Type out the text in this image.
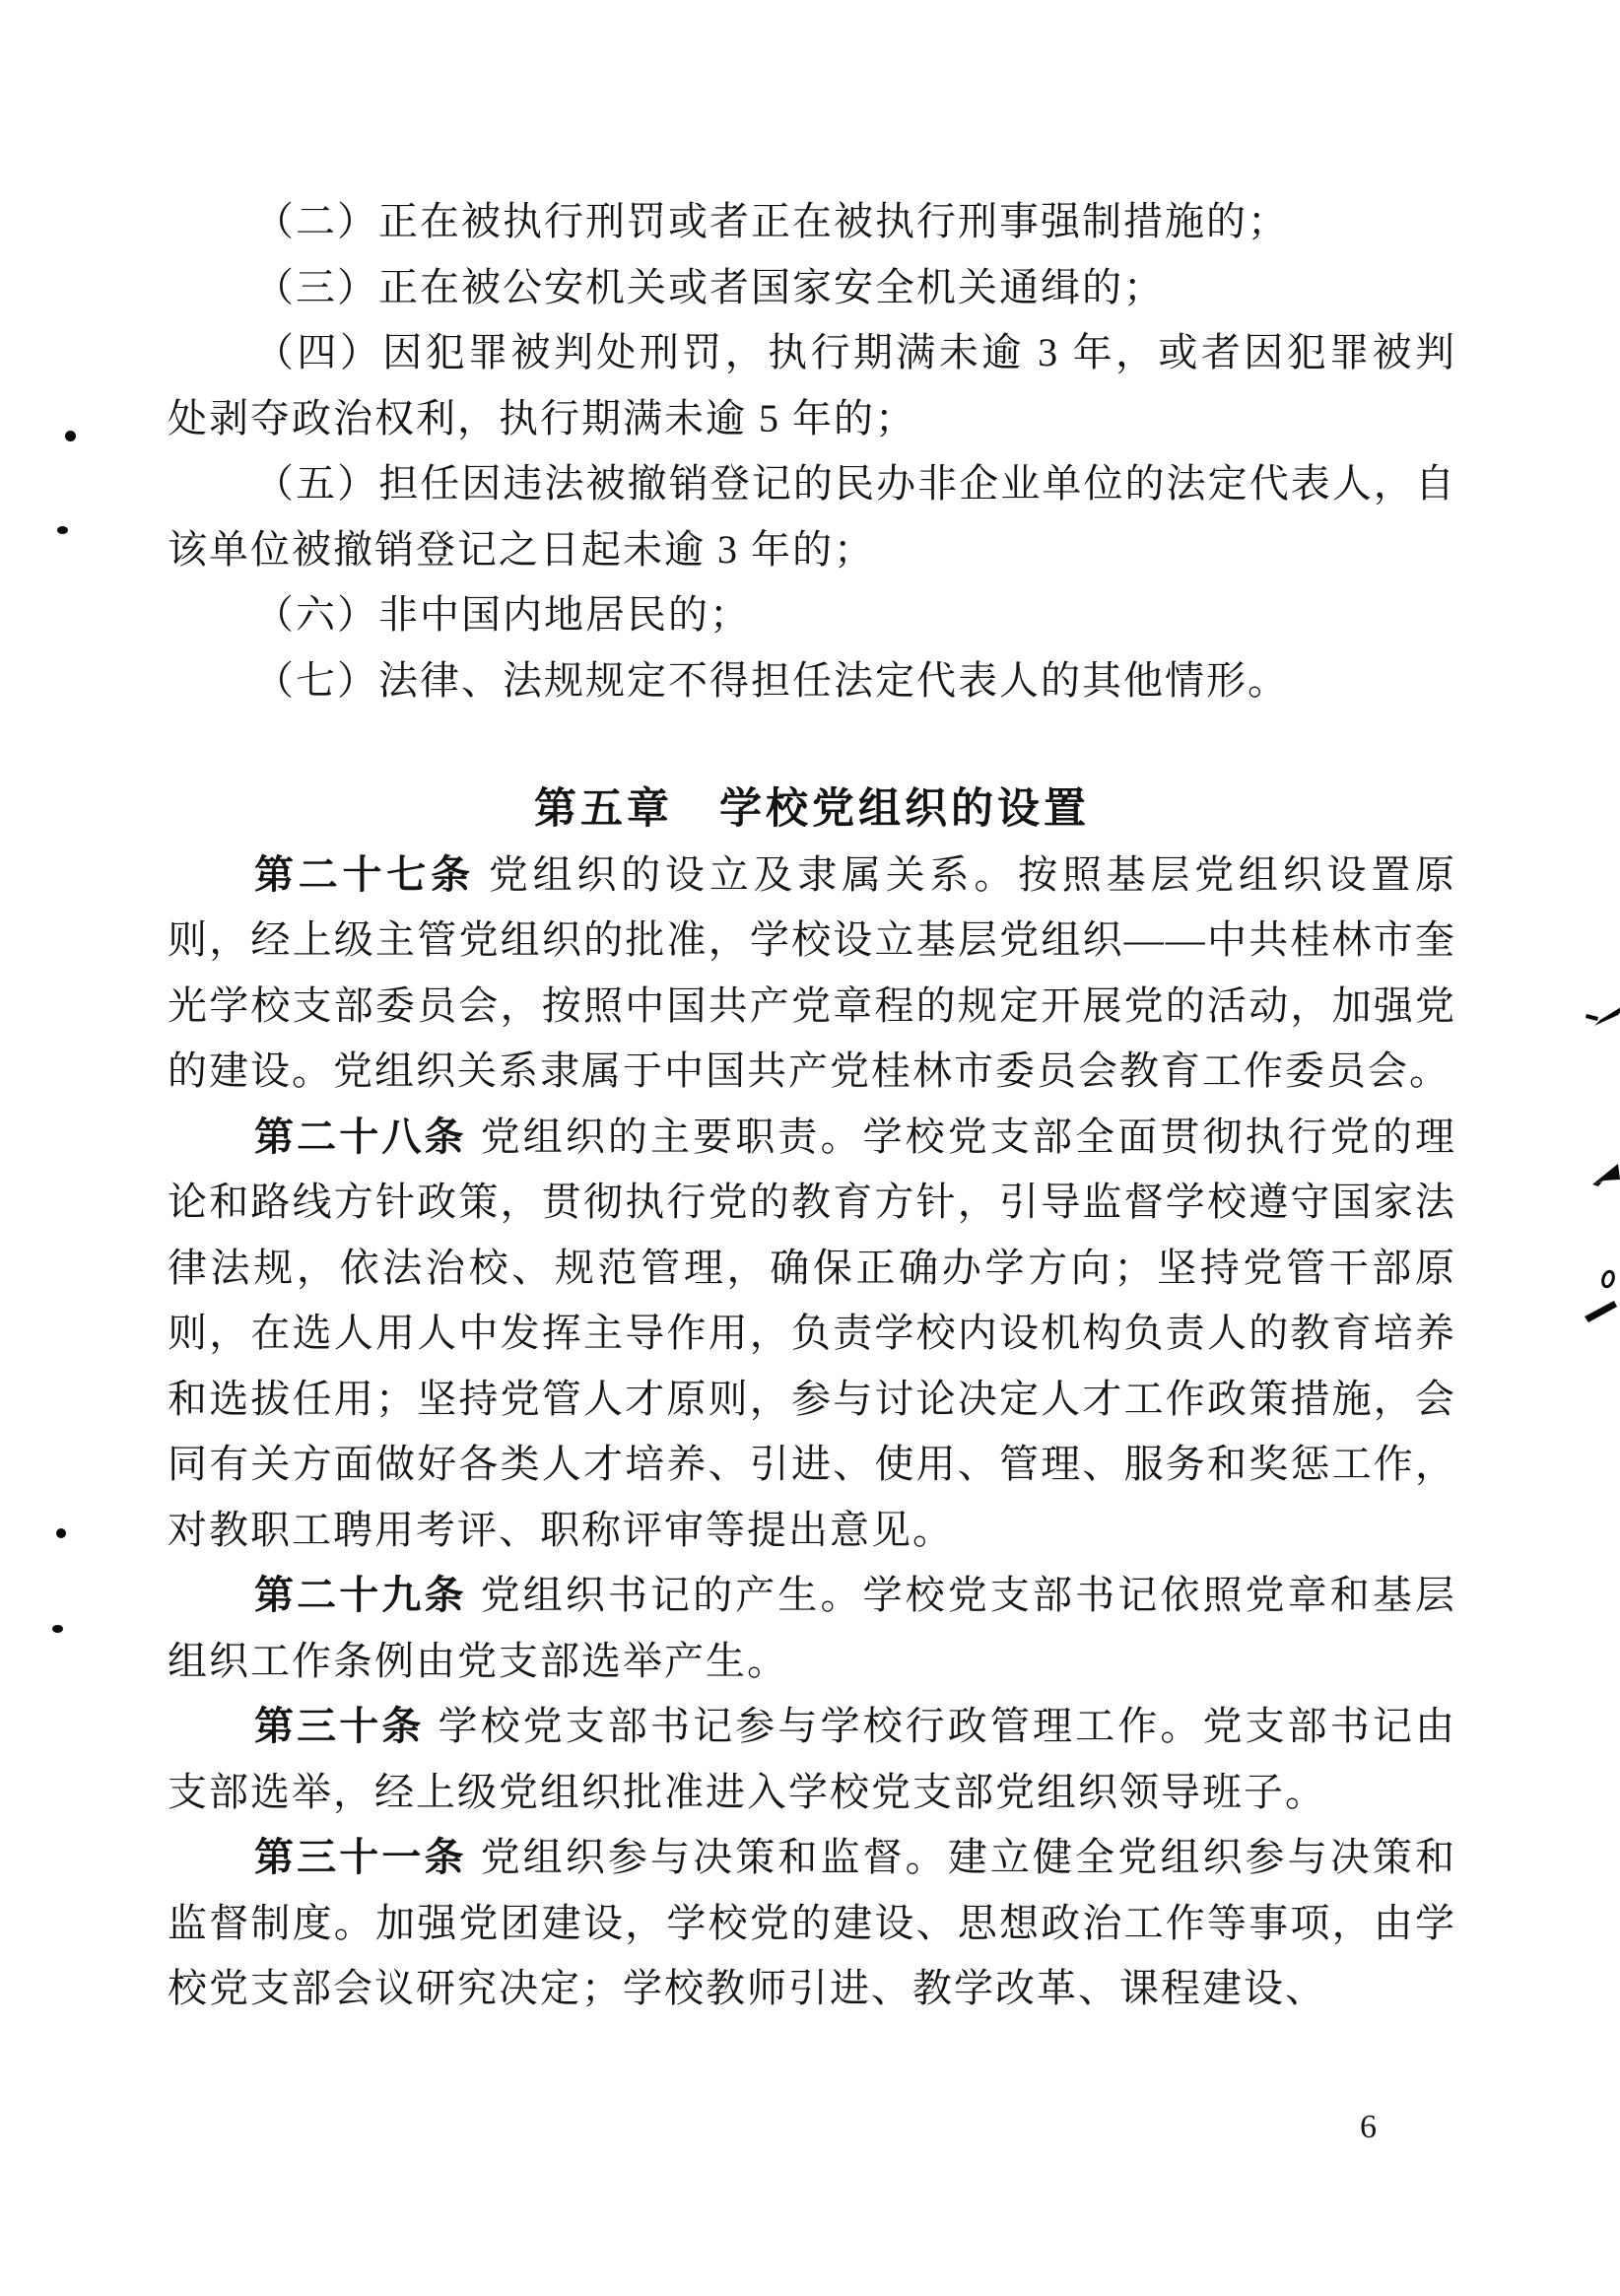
（二）正在被执行刑罚或者正在被执行刑事强制措施的；

（三）正在被公安机关或者国家安全机关通缉的；

（四）因犯罪被判处刑罚，执行期满未逾 3 年，或者因犯罪被判处剥夺政治权利，执行期满未逾 5 年的；

（五）担任因违法被撤销登记的民办非企业单位的法定代表人，自该单位被撤销登记之日起未逾 3 年的；

（六）非中国内地居民的；

（七）法律、法规规定不得担任法定代表人的其他情形。

第五章　学校党组织的设置

第二十七条 党组织的设立及隶属关系。按照基层党组织设置原则，经上级主管党组织的批准，学校设立基层党组织——中共桂林市奎光学校支部委员会，按照中国共产党章程的规定开展党的活动，加强党的建设。党组织关系隶属于中国共产党桂林市委员会教育工作委员会。

第二十八条 党组织的主要职责。学校党支部全面贯彻执行党的理论和路线方针政策，贯彻执行党的教育方针，引导监督学校遵守国家法律法规，依法治校、规范管理，确保正确办学方向；坚持党管干部原则，在选人用人中发挥主导作用，负责学校内设机构负责人的教育培养和选拔任用；坚持党管人才原则，参与讨论决定人才工作政策措施，会同有关方面做好各类人才培养、引进、使用、管理、服务和奖惩工作，对教职工聘用考评、职称评审等提出意见。

第二十九条 党组织书记的产生。学校党支部书记依照党章和基层组织工作条例由党支部选举产生。

第三十条 学校党支部书记参与学校行政管理工作。党支部书记由支部选举，经上级党组织批准进入学校党支部党组织领导班子。

第三十一条 党组织参与决策和监督。建立健全党组织参与决策和监督制度。加强党团建设，学校党的建设、思想政治工作等事项，由学校党支部会议研究决定；学校教师引进、教学改革、课程建设、

6
